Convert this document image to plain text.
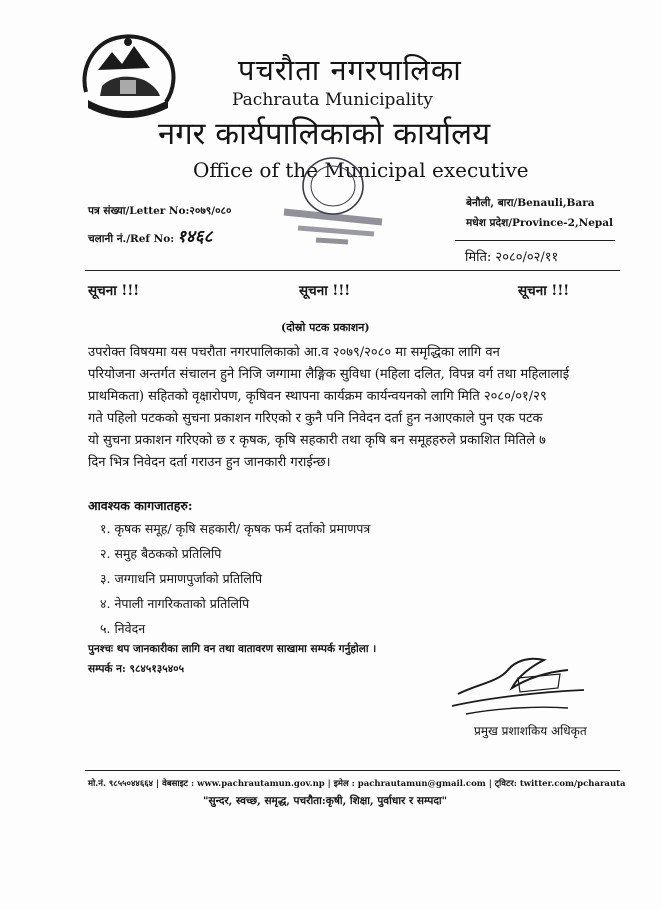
पचरौता नगरपालिका
Pachrauta Municipality
नगर कार्यपालिकाको कार्यालय
Office of the Municipal executive
पत्र संख्या/Letter No:२०७९/०८०
चलानी नं./Ref No: १४६८
बेनौली, बारा/Benauli,Bara
मधेश प्रदेश/Province-2,Nepal
मिति: २०८०/०२/११
सूचना !!!	सूचना !!!	सूचना !!!
(दोस्रो पटक प्रकाशन)
उपरोक्त विषयमा यस पचरौता नगरपालिकाको आ.व २०७९/२०८० मा समृद्धिका लागि वन
परियोजना अन्तर्गत संचालन हुने निजि जग्गामा लैङ्गिक सुविधा (महिला दलित, विपन्न वर्ग तथा महिलालाई
प्राथमिकता) सहितको वृक्षारोपण, कृषिवन स्थापना कार्यक्रम कार्यन्वयनको लागि मिति २०८०/०१/२९
गते पहिलो पटकको सुचना प्रकाशन गरिएको र कुनै पनि निवेदन दर्ता हुन नआएकाले पुन एक पटक
यो सुचना प्रकाशन गरिएको छ र कृषक, कृषि सहकारी तथा कृषि बन समूहहरुले प्रकाशित मितिले ७
दिन भित्र निवेदन दर्ता गराउन हुन जानकारी गराईन्छ।
आवश्यक कागजातहरु:
१. कृषक समूह/ कृषि सहकारी/ कृषक फर्म दर्ताको प्रमाणपत्र
२. समुह बैठकको प्रतिलिपि
३. जग्गाधनि प्रमाणपुर्जाको प्रतिलिपि
४. नेपाली नागरिकताको प्रतिलिपि
५. निवेदन
पुनश्चः थप जानकारीका लागि वन तथा वातावरण साखामा सम्पर्क गर्नुहोला ।
सम्पर्क न: ९८४५१३५४०५
प्रमुख प्रशाशकिय अधिकृत
मो.नं. ९८५५०४४६६४ | वेबसाइट : www.pachrautamun.gov.np | इमेल : pachrautamun@gmail.com | ट्विटर: twitter.com/pcharauta
"सुन्दर, स्वच्छ, समृद्ध, पचरौता:कृषी, शिक्षा, पुर्वाधार र सम्पदा"
